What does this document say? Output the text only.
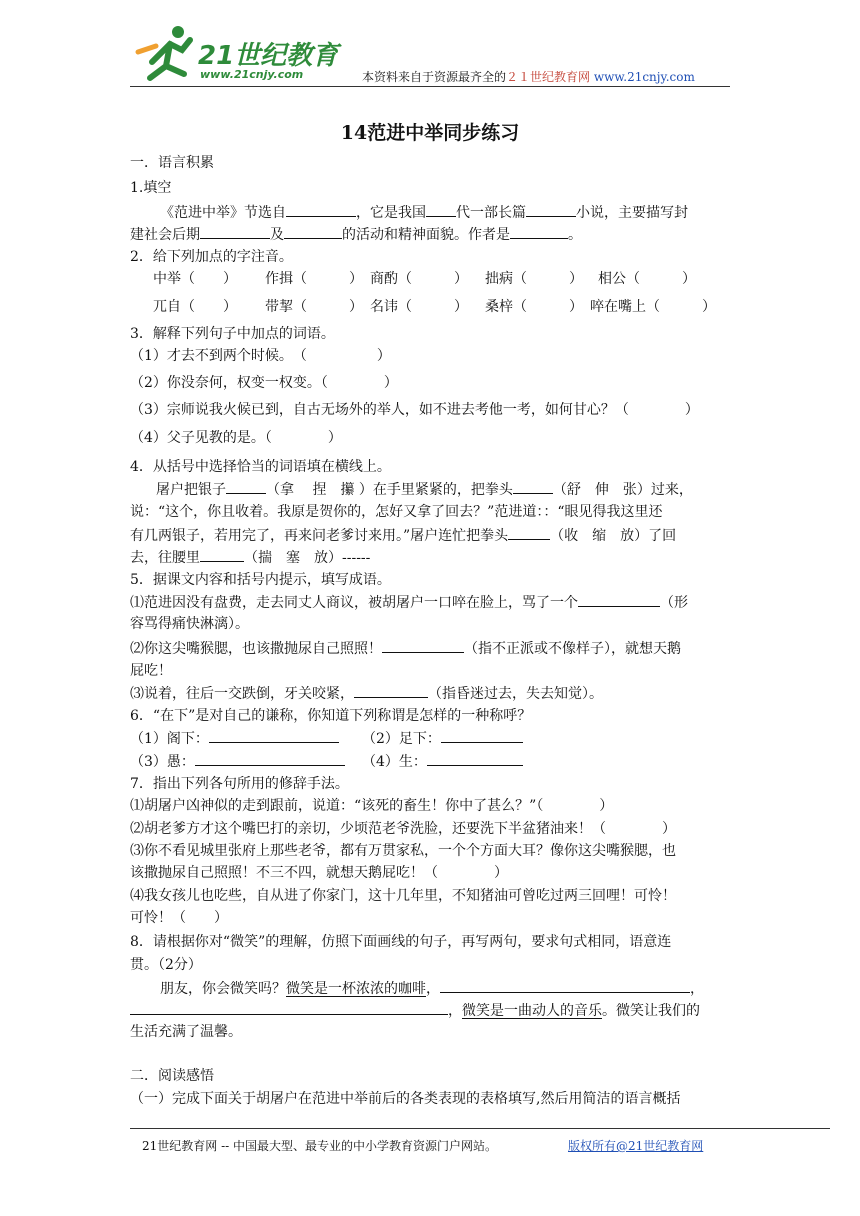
21世纪教育
www.21cnjy.com	本资料来自于资源最齐全的２１世纪教育网 www.21cnjy.com
14范进中举同步练习
一．语言积累
1.填空
《范进中举》节选自	，它是我国 代一部长篇	小说，主要描写封
建社会后期	及	的活动和精神面貌。作者是	。
2．给下列加点的字注音。
中举（　　） 作揖（　　　） 商酌（　　　） 拙病（　　　） 相公（　　　）
兀自（　　） 带挈（　　　） 名讳（　　　） 桑梓（　　　） 啐在嘴上（　　　）
3．解释下列句子中加点的词语。
（1）才去不到两个时候。　（　　　　　）
（2）你没奈何，权变一权变。（　　　　）
（3）宗师说我火候已到，自古无场外的举人，如不进去考他一考，如何甘心？（　　　　）
（4）父子见教的是。（　　　　）
4．从括号中选择恰当的词语填在横线上。
屠户把银子	（拿　 捏　攥 ）在手里紧紧的，把拳头	（舒　伸　张）过来，
说：“这个，你且收着。我原是贺你的，怎好又拿了回去？”范进道：：“眼见得我这里还
有几两银子，若用完了，再来问老爹讨来用。”屠户连忙把拳头	（收　缩　放）了回
去，往腰里	（揣　塞　放）------
5．据课文内容和括号内提示，填写成语。
⑴范进因没有盘费，走去同丈人商议，被胡屠户一口啐在脸上，骂了一个	（形
容骂得痛快淋漓）。
⑵你这尖嘴猴腮，也该撒抛尿自己照照！	（指不正派或不像样子），就想天鹅
屁吃！
⑶说着，往后一交跌倒，牙关咬紧，	（指昏迷过去，失去知觉）。
6．“在下”是对自己的谦称，你知道下列称谓是怎样的一种称呼？
（1）阁下：	（2）足下：
（3）愚：	（4）生：
7．指出下列各句所用的修辞手法。
⑴胡屠户凶神似的走到跟前，说道：“该死的畜生！你中了甚么？”（　　　　）
⑵胡老爹方才这个嘴巴打的亲切，少顷范老爷洗脸，还要洗下半盆猪油来！（　　　　）
⑶你不看见城里张府上那些老爷，都有万贯家私，一个个方面大耳？像你这尖嘴猴腮，也
该撒抛尿自己照照！不三不四，就想天鹅屁吃！（　　　　）
⑷我女孩儿也吃些，自从进了你家门，这十几年里，不知猪油可曾吃过两三回哩！可怜！
可怜！（　　）
8．请根据你对“微笑”的理解，仿照下面画线的句子，再写两句，要求句式相同，语意连
贯。（2分）
朋友，你会微笑吗？微笑是一杯浓浓的咖啡，	，
，微笑是一曲动人的音乐。微笑让我们的
生活充满了温馨。
二．阅读感悟
（一）完成下面关于胡屠户在范进中举前后的各类表现的表格填写,然后用简洁的语言概括
21世纪教育网 -- 中国最大型、最专业的中小学教育资源门户网站。	版权所有@21世纪教育网
